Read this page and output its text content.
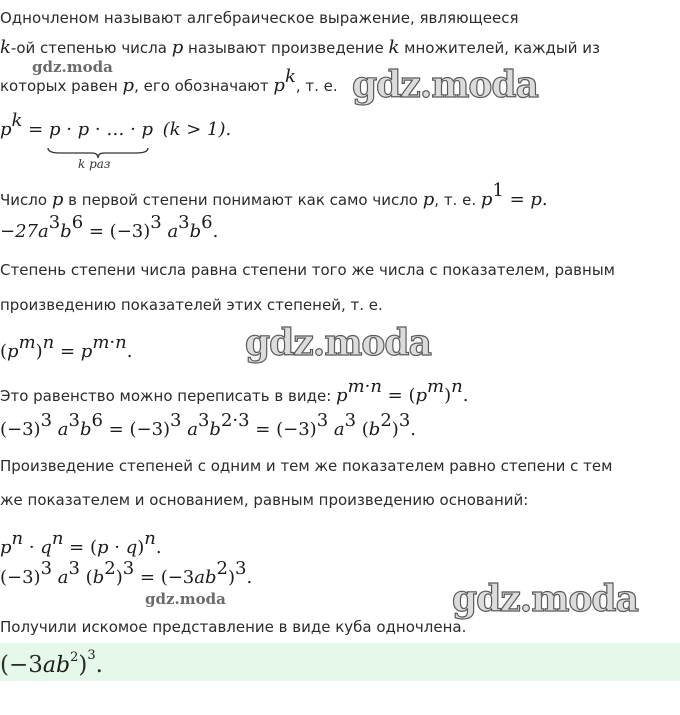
gdz.moda	gdz.moda
gdz.moda
gdz.moda	gdz.moda
Одночленом называют алгебраическое выражение, являющееся
k-ой степенью числа p называют произведение k множителей, каждый из
которых равен p, его обозначают $p^k$, т. е.
$p^k = p \cdot p$ · … · p (k > 1).
k раз
Число p в первой степени понимают как само число p, т. е. $p^1 = p$.
$-27a^3b^6 = (-3)^3$ $a^3b^6$.
Степень степени числа равна степени того же числа с показателем, равным
произведению показателей этих степеней, т. е.
$(p^m)^n = p^{m\cdot n}$.
Это равенство можно переписать в виде: $p^{m\cdot n} = (p^m)^n$.
$(-3)^3$ $a^3b^6 = (-3)^3$ $a^3b^{2\cdot 3} = (-3)^3$ $a^3$ $(b^2)^3$.
Произведение степеней с одним и тем же показателем равно степени с тем
же показателем и основанием, равным произведению оснований:
$p^n \cdot q^n = (p \cdot q)^n$.
$(-3)^3$ $a^3$ $(b^2)^3 = (-3ab^2)^3$.
Получили искомое представление в виде куба одночлена.
$(-3ab^2)^3$.
